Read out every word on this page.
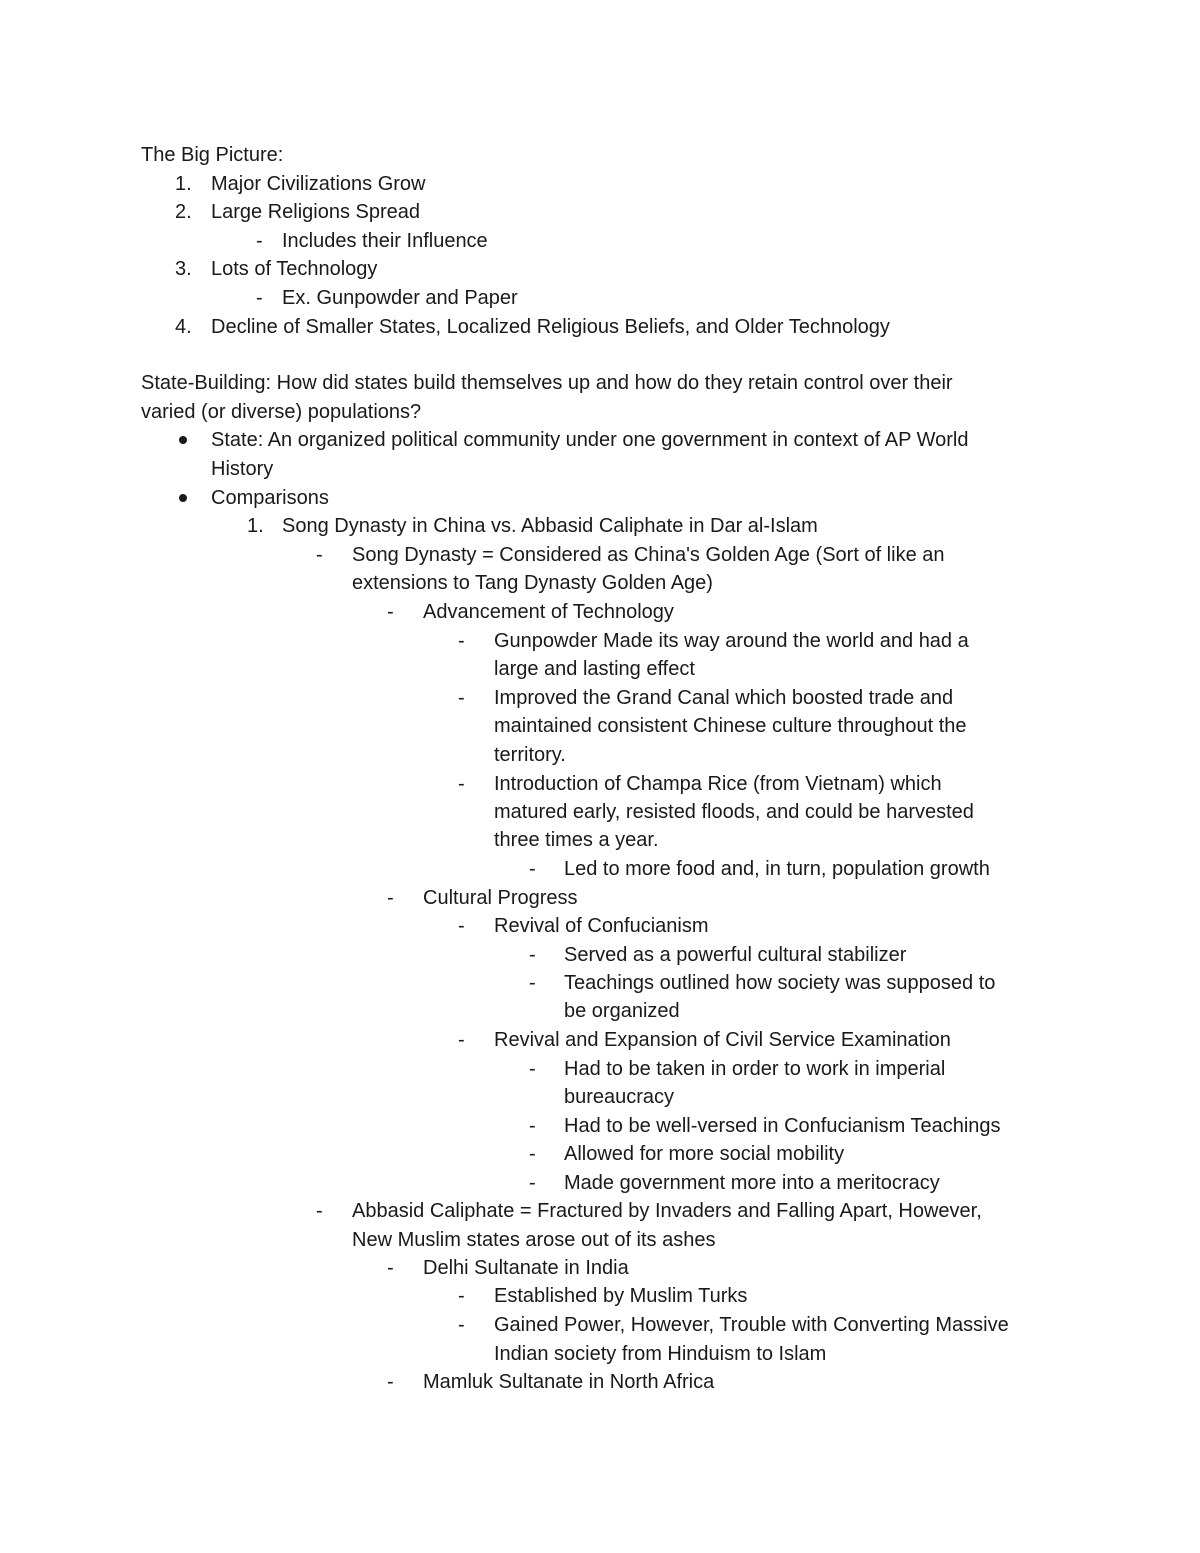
The Big Picture:
1. Major Civilizations Grow
2. Large Religions Spread
- Includes their Influence
3. Lots of Technology
- Ex. Gunpowder and Paper
4. Decline of Smaller States, Localized Religious Beliefs, and Older Technology
State-Building: How did states build themselves up and how do they retain control over their
varied (or diverse) populations?
State: An organized political community under one government in context of AP World
History
Comparisons
1. Song Dynasty in China vs. Abbasid Caliphate in Dar al-Islam
- Song Dynasty = Considered as China's Golden Age (Sort of like an
extensions to Tang Dynasty Golden Age)
- Advancement of Technology
- Gunpowder Made its way around the world and had a
large and lasting effect
- Improved the Grand Canal which boosted trade and
maintained consistent Chinese culture throughout the
territory.
- Introduction of Champa Rice (from Vietnam) which
matured early, resisted floods, and could be harvested
three times a year.
- Led to more food and, in turn, population growth
- Cultural Progress
- Revival of Confucianism
- Served as a powerful cultural stabilizer
- Teachings outlined how society was supposed to
be organized
- Revival and Expansion of Civil Service Examination
- Had to be taken in order to work in imperial
bureaucracy
- Had to be well-versed in Confucianism Teachings
- Allowed for more social mobility
- Made government more into a meritocracy
- Abbasid Caliphate = Fractured by Invaders and Falling Apart, However,
New Muslim states arose out of its ashes
- Delhi Sultanate in India
- Established by Muslim Turks
- Gained Power, However, Trouble with Converting Massive
Indian society from Hinduism to Islam
- Mamluk Sultanate in North Africa
